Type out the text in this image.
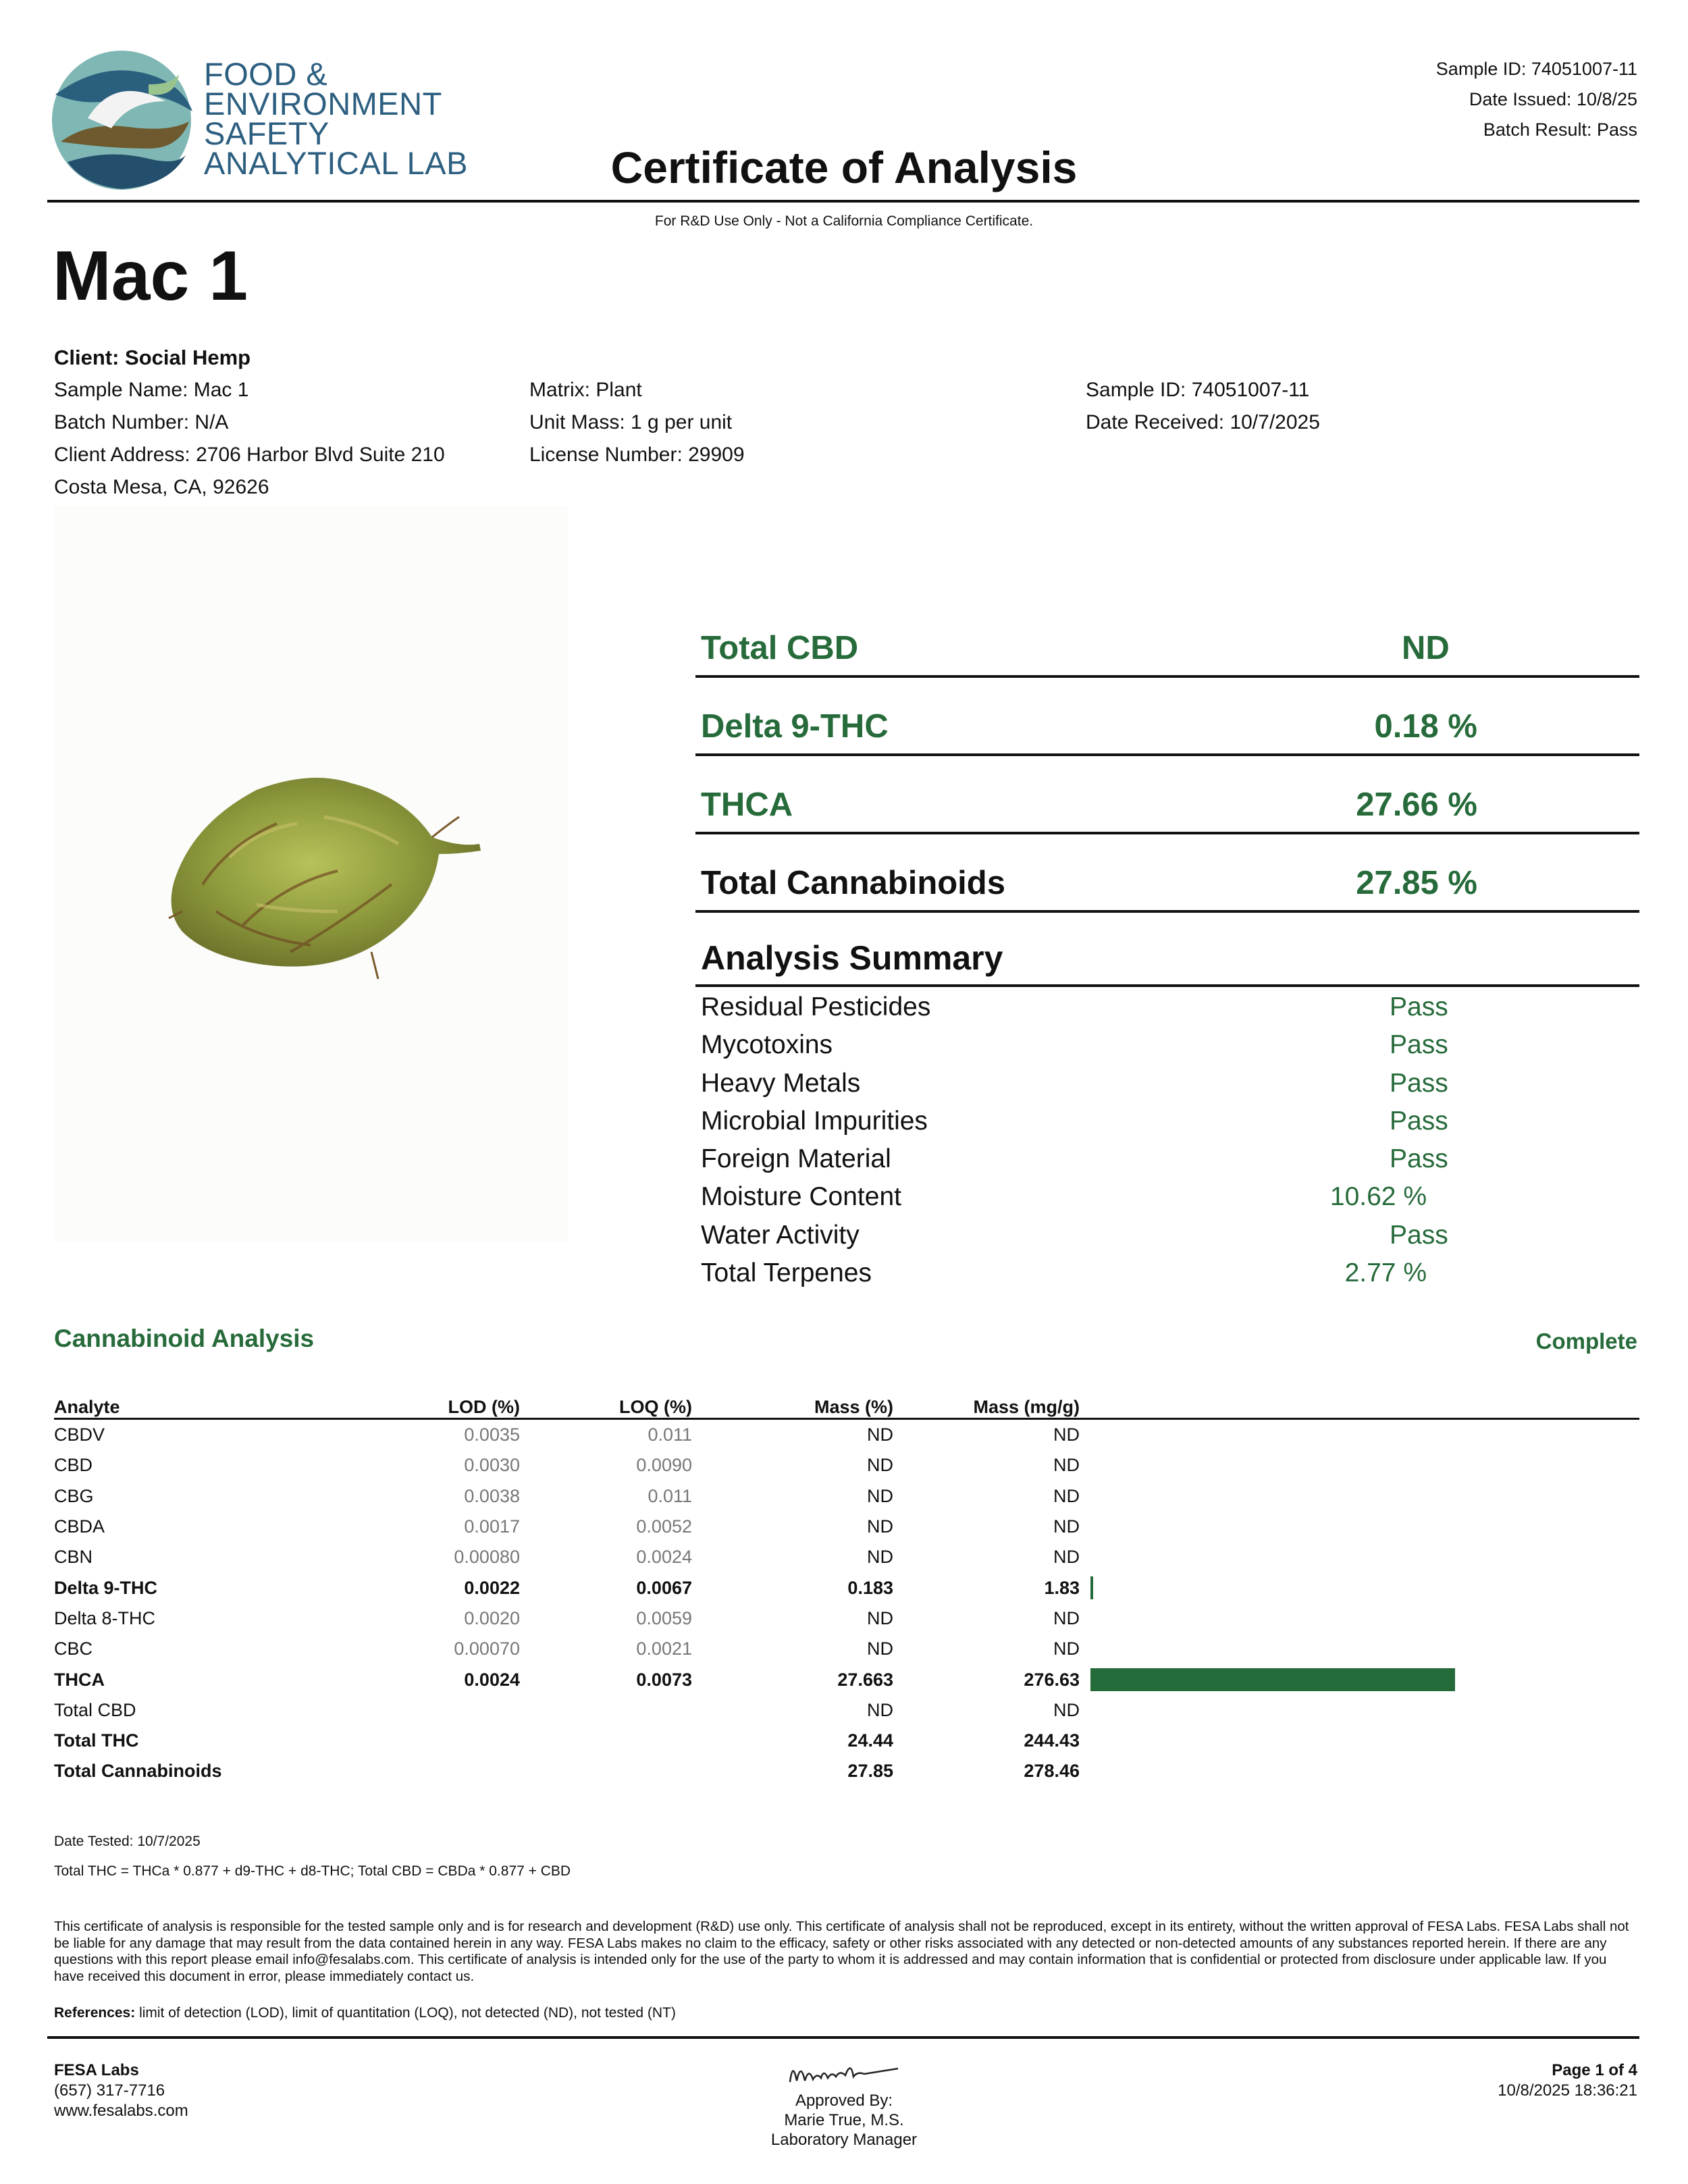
FOOD &
ENVIRONMENT
SAFETY
ANALYTICAL LAB
Sample ID: 74051007-11
Date Issued: 10/8/25
Batch Result: Pass
Certificate of Analysis
For R&D Use Only - Not a California Compliance Certificate.
Mac 1
Client: Social Hemp
Sample Name: Mac 1
Batch Number: N/A
Client Address: 2706 Harbor Blvd Suite 210
Costa Mesa, CA, 92626
Matrix: Plant
Unit Mass: 1 g per unit
License Number: 29909
Sample ID: 74051007-11
Date Received: 10/7/2025
Total CBD	ND
Delta 9-THC	0.18 %
THCA	27.66 %
Total Cannabinoids	27.85 %
Analysis Summary
Residual Pesticides	Pass
Mycotoxins	Pass
Heavy Metals	Pass
Microbial Impurities	Pass
Foreign Material	Pass
Moisture Content	10.62 %
Water Activity	Pass
Total Terpenes	2.77 %
Cannabinoid Analysis	Complete
Analyte	LOD (%)	LOQ (%)	Mass (%)	Mass (mg/g)	
CBDV	0.0035	0.011	ND	ND	
CBD	0.0030	0.0090	ND	ND	
CBG	0.0038	0.011	ND	ND	
CBDA	0.0017	0.0052	ND	ND	
CBN	0.00080	0.0024	ND	ND	
Delta 9-THC	0.0022	0.0067	0.183	1.83	
Delta 8-THC	0.0020	0.0059	ND	ND	
CBC	0.00070	0.0021	ND	ND	
THCA	0.0024	0.0073	27.663	276.63	
Total CBD			ND	ND	
Total THC			24.44	244.43	
Total Cannabinoids			27.85	278.46	
Date Tested: 10/7/2025
Total THC = THCa * 0.877 + d9-THC + d8-THC; Total CBD = CBDa * 0.877 + CBD
This certificate of analysis is responsible for the tested sample only and is for research and development (R&D) use only. This certificate of analysis shall not be reproduced, except in its entirety, without the written approval of FESA Labs. FESA Labs shall not be liable for any damage that may result from the data contained herein in any way. FESA Labs makes no claim to the efficacy, safety or other risks associated with any detected or non-detected amounts of any substances reported herein. If there are any questions with this report please email info@fesalabs.com. This certificate of analysis is intended only for the use of the party to whom it is addressed and may contain information that is confidential or protected from disclosure under applicable law. If you have received this document in error, please immediately contact us.
References: limit of detection (LOD), limit of quantitation (LOQ), not detected (ND), not tested (NT)
FESA Labs
(657) 317-7716
www.fesalabs.com
Approved By:
Marie True, M.S.
Laboratory Manager
Page 1 of 4
10/8/2025 18:36:21
